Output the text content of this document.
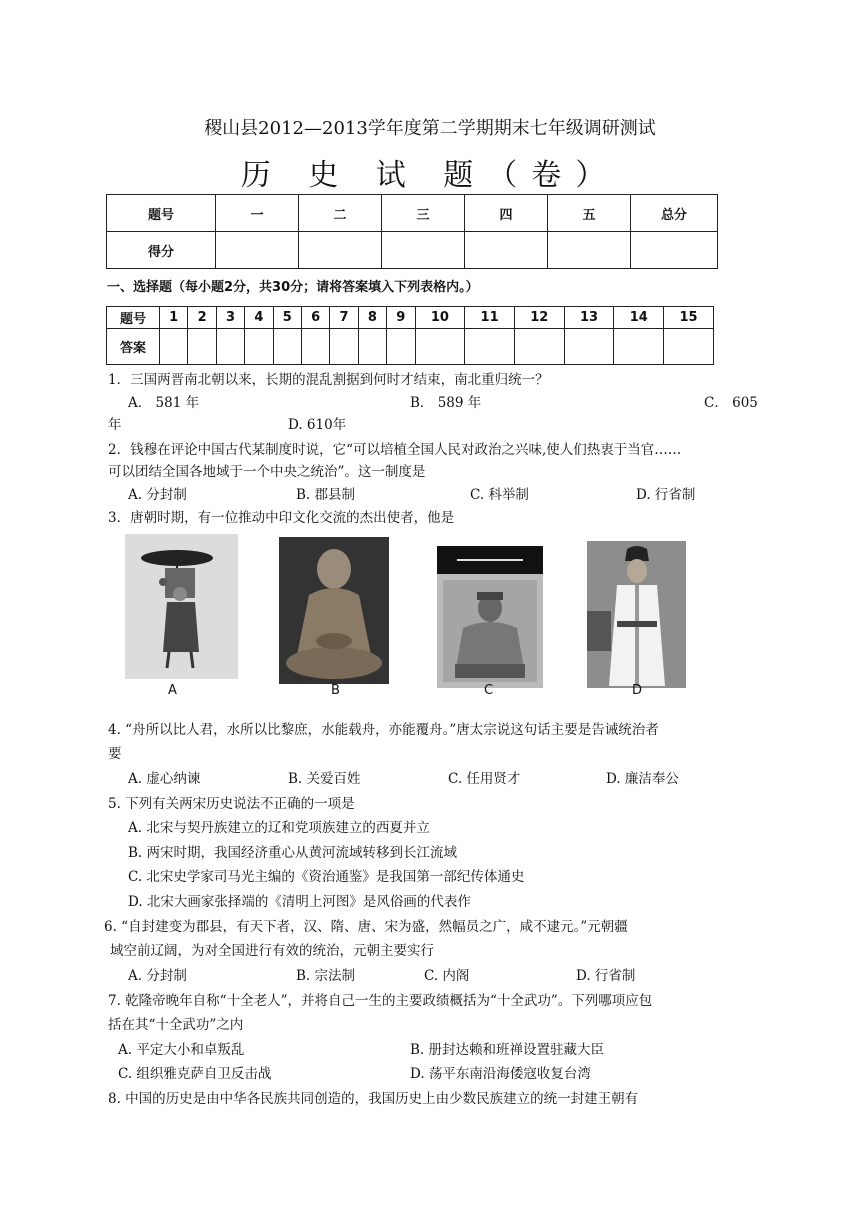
稷山县2012—2013学年度第二学期期末七年级调研测试
历 史 试 题（卷）
题号	一	二	三	四	五	总分
得分						
一、选择题（每小题2分，共30分；请将答案填入下列表格内。）
题号	1	2	3	4	5	6	7	8	9	10	11	12	13	14	15
答案															
1．三国两晋南北朝以来，长期的混乱割据到何时才结束，南北重归统一？
A． 581 年	B． 589 年	C． 605
年	D. 610年
2．钱穆在评论中国古代某制度时说，它“可以培植全国人民对政治之兴味,使人们热衷于当官……
可以团结全国各地域于一个中央之统治”。这一制度是
A. 分封制	B. 郡县制	C. 科举制	D. 行省制
3．唐朝时期，有一位推动中印文化交流的杰出使者，他是
A	B	C	D
4. “舟所以比人君，水所以比黎庶，水能载舟，亦能覆舟。”唐太宗说这句话主要是告诫统治者
要
A. 虚心纳谏	B. 关爱百姓	C. 任用贤才	D. 廉洁奉公
5. 下列有关两宋历史说法不正确的一项是
A. 北宋与契丹族建立的辽和党项族建立的西夏并立
B. 两宋时期，我国经济重心从黄河流域转移到长江流域
C. 北宋史学家司马光主编的《资治通鉴》是我国第一部纪传体通史
D. 北宋大画家张择端的《清明上河图》是风俗画的代表作
6. “自封建变为郡县，有天下者，汉、隋、唐、宋为盛，然幅员之广，咸不逮元。”元朝疆
域空前辽阔，为对全国进行有效的统治，元朝主要实行
A. 分封制	B. 宗法制	C. 内阁	D. 行省制
7. 乾隆帝晚年自称“十全老人”，并将自己一生的主要政绩概括为“十全武功”。下列哪项应包
括在其“十全武功”之内
A. 平定大小和卓叛乱	B. 册封达赖和班禅设置驻藏大臣
C. 组织雅克萨自卫反击战	D. 荡平东南沿海倭寇收复台湾
8. 中国的历史是由中华各民族共同创造的，我国历史上由少数民族建立的统一封建王朝有
